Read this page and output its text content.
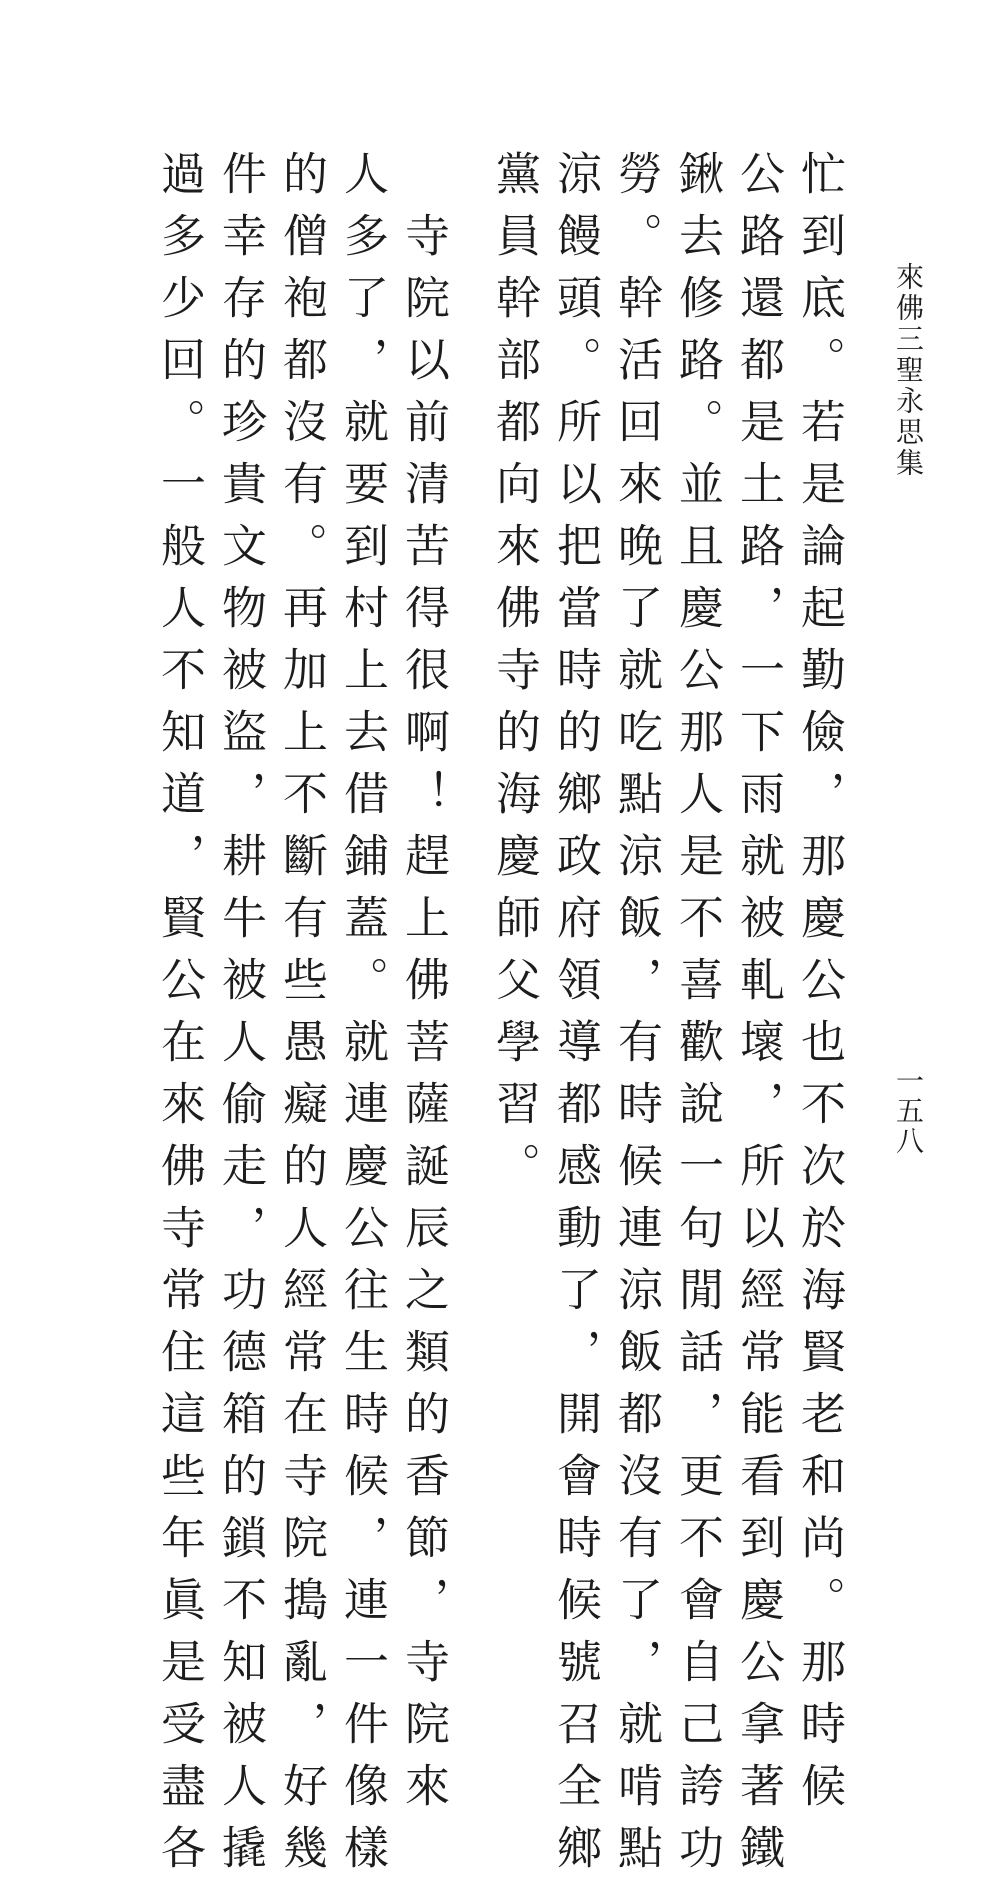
來佛三聖永思集
一五八
忙到底。若是論起勤儉，那慶公也不次於海賢老和尚。那時候
公路還都是土路，一下雨就被軋壞，所以經常能看到慶公拿著鐵
鍬去修路。並且慶公那人是不喜歡說一句閒話，更不會自己誇功
勞。幹活回來晚了就吃點涼飯，有時候連涼飯都沒有了，就啃點
涼饅頭。所以把當時的鄉政府領導都感動了，開會時候號召全鄉
黨員幹部都向來佛寺的海慶師父學習。
　寺院以前清苦得很啊！趕上佛菩薩誕辰之類的香節，寺院來
人多了，就要到村上去借鋪蓋。就連慶公往生時候，連一件像樣
的僧袍都沒有。再加上不斷有些愚癡的人經常在寺院搗亂，好幾
件幸存的珍貴文物被盜，耕牛被人偷走，功德箱的鎖不知被人撬
過多少回。一般人不知道，賢公在來佛寺常住這些年眞是受盡各
